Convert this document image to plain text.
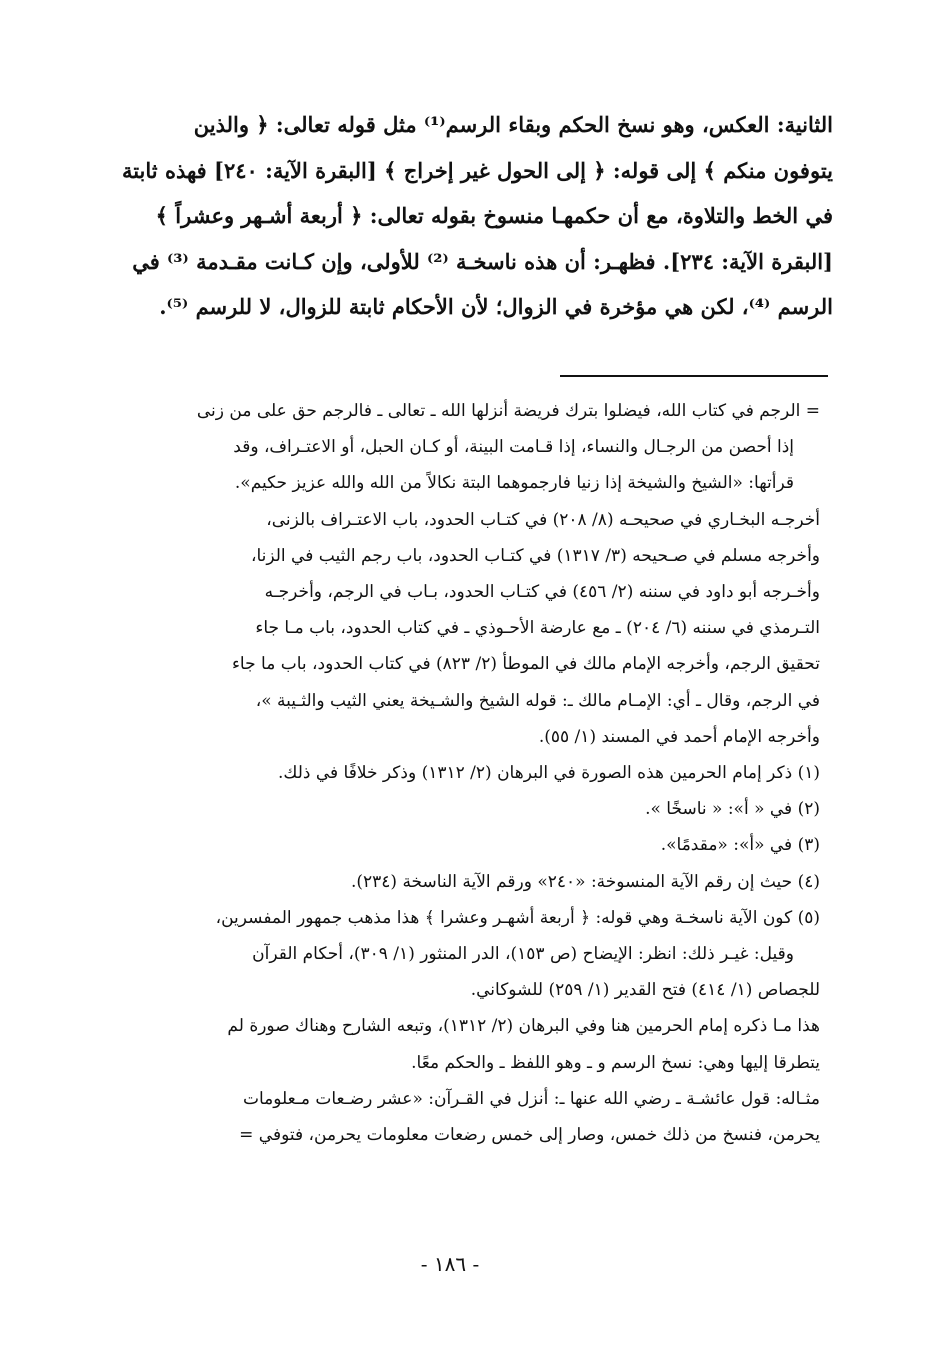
الثانية: العكس، وهو نسخ الحكم وبقاء الرسم⁽¹⁾ مثل قوله تعالى: ﴿ والذين

يتوفون منكم ﴾ إلى قوله: ﴿ إلى الحول غير إخراج ﴾ [البقرة الآية: ٢٤٠] فهذه ثابتة

في الخط والتلاوة، مع أن حكمهـا منسوخ بقوله تعالى: ﴿ أربعة أشـهر وعشراً ﴾

[البقرة الآية: ٢٣٤]. فظهـر: أن هذه ناسخـة ⁽²⁾ للأولى، وإن كـانت مقـدمة ⁽³⁾ في

الرسم ⁽⁴⁾، لكن هي مؤخرة في الزوال؛ لأن الأحكام ثابتة للزوال، لا للرسم ⁽⁵⁾.

= الرجم في كتاب الله، فيضلوا بترك فريضة أنزلها الله ـ تعالى ـ فالرجم حق على من زنى

إذا أحصن من الرجـال والنساء، إذا قـامت البينة، أو كـان الحبل، أو الاعتـراف، وقد

قرأتها: «الشيخ والشيخة إذا زنيا فارجموهما البتة نكالاً من الله والله عزيز حكيم».

أخرجـه البخـاري في صحيحـه (٨/ ٢٠٨) في كتـاب الحدود، باب الاعتـراف بالزنى،

وأخرجه مسلم في صـحيحه (٣/ ١٣١٧) في كتـاب الحدود، باب رجم الثيب في الزنا،

وأخـرجه أبو داود في سننه (٢/ ٤٥٦) في كتـاب الحدود، بـاب في الرجم، وأخرجـه

التـرمذي في سننه (٦/ ٢٠٤) ـ مع عارضة الأحـوذي ـ في كتاب الحدود، باب مـا جاء

تحقيق الرجم، وأخرجه الإمام مالك في الموطأ (٢/ ٨٢٣) في كتاب الحدود، باب ما جاء

في الرجم، وقال ـ أي: الإمـام مالك ـ: قوله الشيخ والشـيخة يعني الثيب والثـيبة »،

وأخرجه الإمام أحمد في المسند (١/ ٥٥).

(١) ذكر إمام الحرمين هذه الصورة في البرهان (٢/ ١٣١٢) وذكر خلافًا في ذلك.

(٢) في « أ»: « ناسخًا ».

(٣) في «أ»: «مقدمًا».

(٤) حيث إن رقم الآية المنسوخة: «٢٤٠» ورقم الآية الناسخة (٢٣٤).

(٥) كون الآية ناسخـة وهي قوله: ﴿ أربعة أشهـر وعشرا ﴾ هذا مذهب جمهور المفسرين،

وقيل: غيـر ذلك: انظر: الإيضاح (ص ١٥٣)، الدر المنثور (١/ ٣٠٩)، أحكام القرآن

للجصاص (١/ ٤١٤) فتح القدير (١/ ٢٥٩) للشوكاني.

هذا مـا ذكره إمام الحرمين هنا وفي البرهان (٢/ ١٣١٢)، وتبعه الشارح وهناك صورة لم

يتطرقا إليها وهي: نسخ الرسم و ـ وهو اللفظ ـ والحكم معًا.

مثـاله: قول عائشـة ـ رضي الله عنها ـ: أنزل في القـرآن: «عشر رضـعات مـعلومات

يحرمن، فنسخ من ذلك خمس، وصار إلى خمس رضعات معلومات يحرمن، فتوفي =

- ١٨٦ -
